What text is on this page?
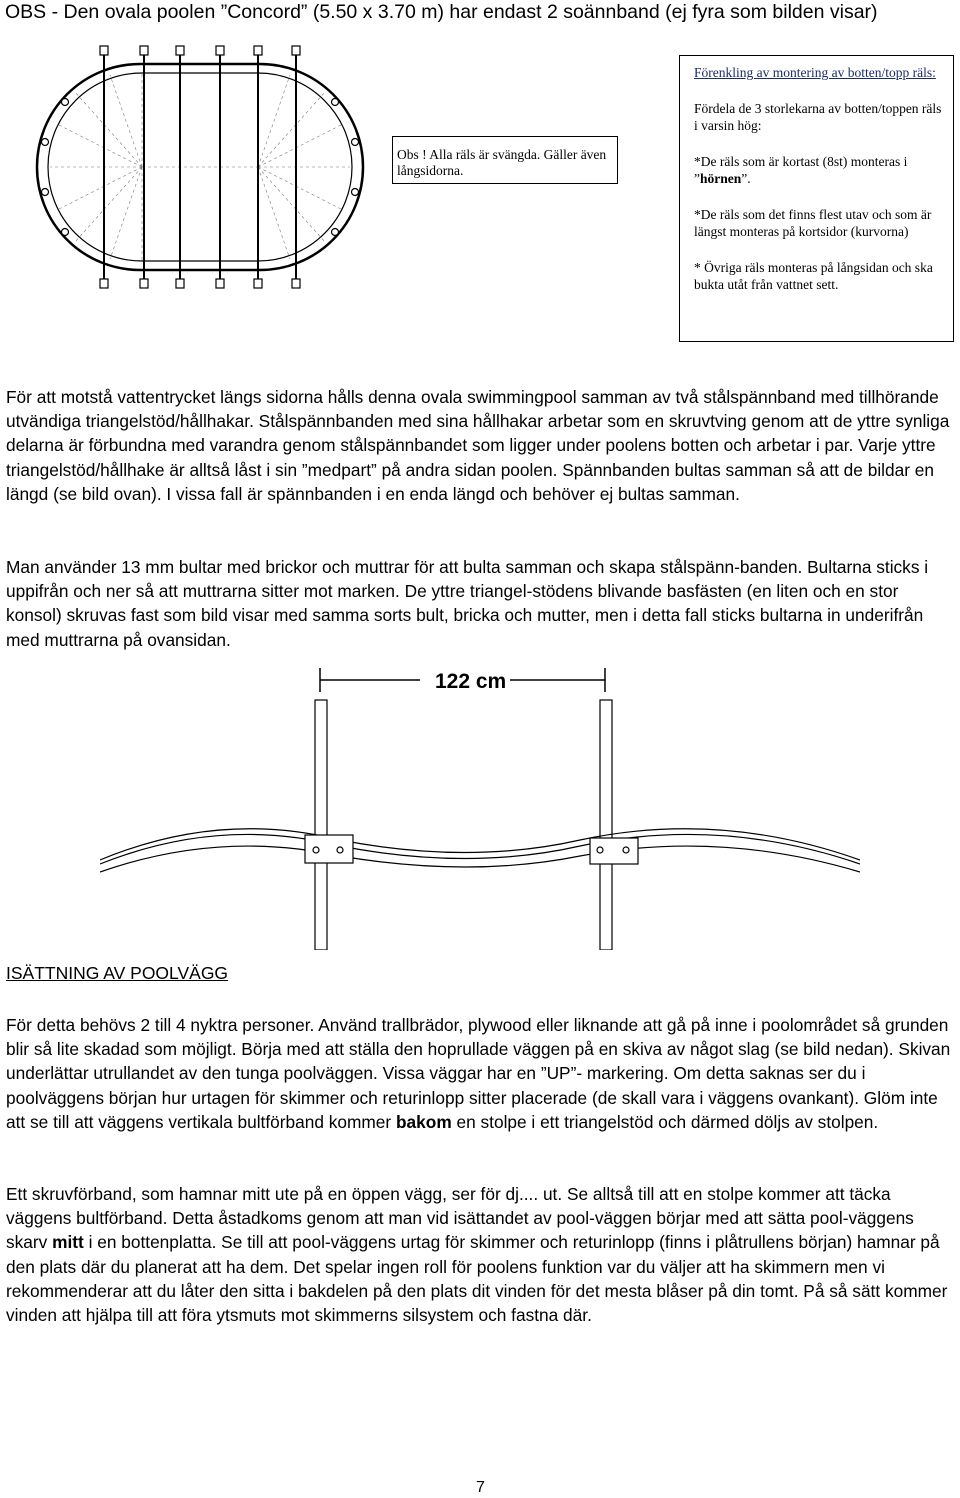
OBS - Den ovala poolen ”Concord” (5.50 x 3.70 m) har endast 2 soännband (ej fyra som bilden visar)
Obs ! Alla räls är svängda. Gäller även långsidorna.

Förenkling av montering av botten/topp räls:

Fördela de 3 storlekarna av botten/toppen räls i varsin hög:

*De räls som är kortast (8st) monteras i ”hörnen”.

*De räls som det finns flest utav och som är längst monteras på kortsidor (kurvorna)

* Övriga räls monteras på långsidan och ska bukta utåt från vattnet sett.

För att motstå vattentrycket längs sidorna hålls denna ovala swimmingpool samman av två stålspännband med tillhörande utvändiga triangelstöd/hållhakar. Stålspännbanden med sina hållhakar arbetar som en skruvtving genom att de yttre synliga delarna är förbundna med varandra genom stålspännbandet som ligger under poolens botten och arbetar i par. Varje yttre triangelstöd/hållhake är alltså låst i sin ”medpart” på andra sidan poolen. Spännbanden bultas samman så att de bildar en längd (se bild ovan). I vissa fall är spännbanden i en enda längd och behöver ej bultas samman.

Man använder 13 mm bultar med brickor och muttrar för att bulta samman och skapa stålspänn-banden. Bultarna sticks i uppifrån och ner så att muttrarna sitter mot marken. De yttre triangel-stödens blivande basfästen (en liten och en stor konsol) skruvas fast som bild visar med samma sorts bult, bricka och mutter, men i detta fall sticks bultarna in underifrån med muttrarna på ovansidan.

122 cm
ISÄTTNING AV POOLVÄGG

För detta behövs 2 till 4 nyktra personer. Använd trallbrädor, plywood eller liknande att gå på inne i poolområdet så grunden blir så lite skadad som möjligt. Börja med att ställa den hoprullade väggen på en skiva av något slag (se bild nedan). Skivan underlättar utrullandet av den tunga poolväggen. Vissa väggar har en ”UP”- markering. Om detta saknas ser du i poolväggens början hur urtagen för skimmer och returinlopp sitter placerade (de skall vara i väggens ovankant). Glöm inte att se till att väggens vertikala bultförband kommer bakom en stolpe i ett triangelstöd och därmed döljs av stolpen.

Ett skruvförband, som hamnar mitt ute på en öppen vägg, ser för dj.... ut. Se alltså till att en stolpe kommer att täcka väggens bultförband. Detta åstadkoms genom att man vid isättandet av pool-väggen börjar med att sätta pool-väggens skarv mitt i en bottenplatta. Se till att pool-väggens urtag för skimmer och returinlopp (finns i plåtrullens början) hamnar på den plats där du planerat att ha dem. Det spelar ingen roll för poolens funktion var du väljer att ha skimmern men vi rekommenderar att du låter den sitta i bakdelen på den plats dit vinden för det mesta blåser på din tomt. På så sätt kommer vinden att hjälpa till att föra ytsmuts mot skimmerns silsystem och fastna där.

7
